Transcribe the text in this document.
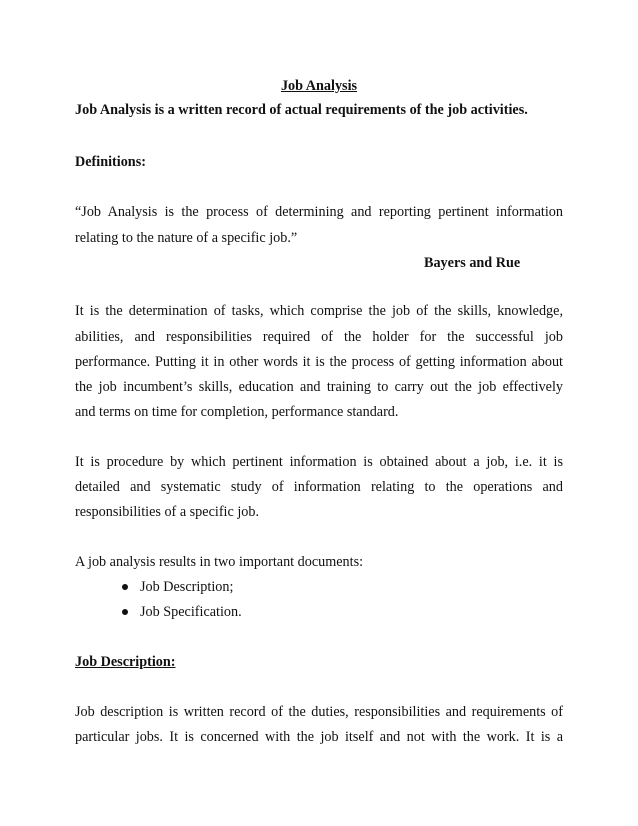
Job Analysis
Job Analysis is a written record of actual requirements of the job activities.
Definitions:
“Job Analysis is the process of determining and reporting pertinent information
relating to the nature of a specific job.”
Bayers and Rue
It is the determination of tasks, which comprise the job of the skills, knowledge,
abilities, and responsibilities required of the holder for the successful job
performance. Putting it in other words it is the process of getting information about
the job incumbent’s skills, education and training to carry out the job effectively
and terms on time for completion, performance standard.
It is procedure by which pertinent information is obtained about a job, i.e. it is
detailed and systematic study of information relating to the operations and
responsibilities of a specific job.
A job analysis results in two important documents:
Job Description;
Job Specification.
Job Description:
Job description is written record of the duties, responsibilities and requirements of
particular jobs. It is concerned with the job itself and not with the work. It is a
